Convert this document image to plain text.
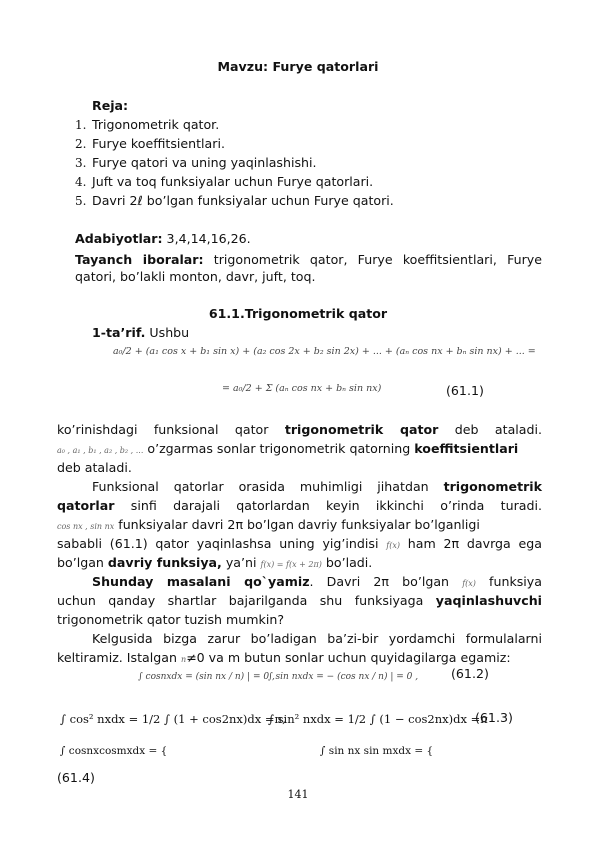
Mavzu: Furye qatorlari
Reja:
1. Trigonometrik qator.
2. Furye koeffitsientlari.
3. Furye qatori va uning yaqinlashishi.
4. Juft va toq funksiyalar uchun Furye qatorlari.
5. Davri 2ℓ bo’lgan funksiyalar uchun Furye qatori.
Adabiyotlar: 3,4,14,16,26.
Tayanch iboralar: trigonometrik qator, Furye koeffitsientlari, Furye
qatori, bo’lakli monton, davr, juft, toq.
61.1.Trigonometrik qator
1-ta’rif. Ushbu
a₀/2 + (a₁ cos x + b₁ sin x) + (a₂ cos 2x + b₂ sin 2x) + ... + (aₙ cos nx + bₙ sin nx) + ... =
= a₀/2 + Σ (aₙ cos nx + bₙ sin nx)	(61.1)
ko’rinishdagi funksional qator trigonometrik qator deb ataladi.
a₀ , a₁ , b₁ , a₂ , b₂ , ... o’zgarmas sonlar trigonometrik qatorning koeffitsientlari
deb ataladi.
Funksional qatorlar orasida muhimligi jihatdan trigonometrik
qatorlar sinfi darajali qatorlardan keyin ikkinchi o’rinda turadi.
cos nx , sin nx funksiyalar davri 2π bo’lgan davriy funksiyalar bo’lganligi
sababli (61.1) qator yaqinlashsa uning yig’indisi f(x) ham 2π davrga ega
bo’lgan davriy funksiya, ya’ni f(x) = f(x + 2π) bo’ladi.
Shunday masalani qo`yamiz. Davri 2π bo’lgan f(x) funksiya
uchun qanday shartlar bajarilganda shu funksiyaga yaqinlashuvchi
trigonometrik qator tuzish mumkin?
Kelgusida bizga zarur bo’ladigan ba’zi-bir yordamchi formulalarni
keltiramiz. Istalgan n≠0 va m butun sonlar uchun quyidagilarga egamiz:
∫ cosnxdx = (sin nx / n) | = 0 ,
∫ sin nxdx = − (cos nx / n) | = 0 ,	(61.2)
∫ cos² nxdx = 1/2 ∫ (1 + cos2nx)dx =π,
∫ sin² nxdx = 1/2 ∫ (1 − cos2nx)dx =π
(61.3)
∫ cosnxcosmxdx = {	∫ sin nx sin mxdx = {
(61.4)
141
